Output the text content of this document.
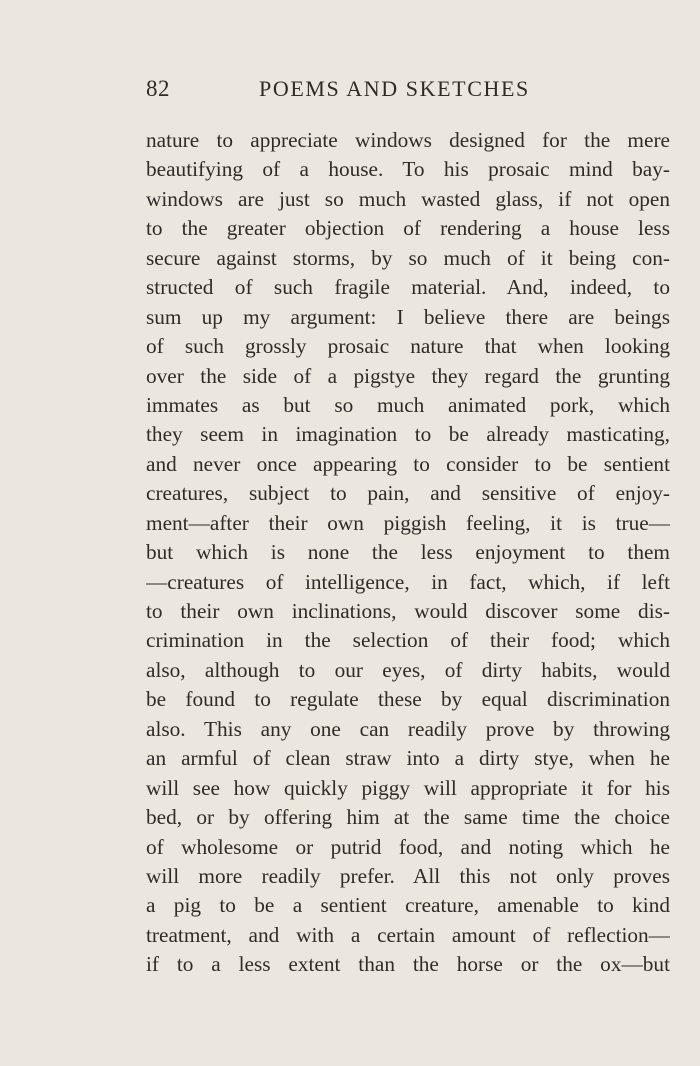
82	POEMS AND SKETCHES
nature to appreciate windows designed for the mere
beautifying of a house. To his prosaic mind bay-
windows are just so much wasted glass, if not open
to the greater objection of rendering a house less
secure against storms, by so much of it being con-
structed of such fragile material. And, indeed, to
sum up my argument: I believe there are beings
of such grossly prosaic nature that when looking
over the side of a pigstye they regard the grunting
immates as but so much animated pork, which
they seem in imagination to be already masticating,
and never once appearing to consider to be sentient
creatures, subject to pain, and sensitive of enjoy-
ment—after their own piggish feeling, it is true—
but which is none the less enjoyment to them
—creatures of intelligence, in fact, which, if left
to their own inclinations, would discover some dis-
crimination in the selection of their food; which
also, although to our eyes, of dirty habits, would
be found to regulate these by equal discrimination
also. This any one can readily prove by throwing
an armful of clean straw into a dirty stye, when he
will see how quickly piggy will appropriate it for his
bed, or by offering him at the same time the choice
of wholesome or putrid food, and noting which he
will more readily prefer. All this not only proves
a pig to be a sentient creature, amenable to kind
treatment, and with a certain amount of reflection—
if to a less extent than the horse or the ox—but
